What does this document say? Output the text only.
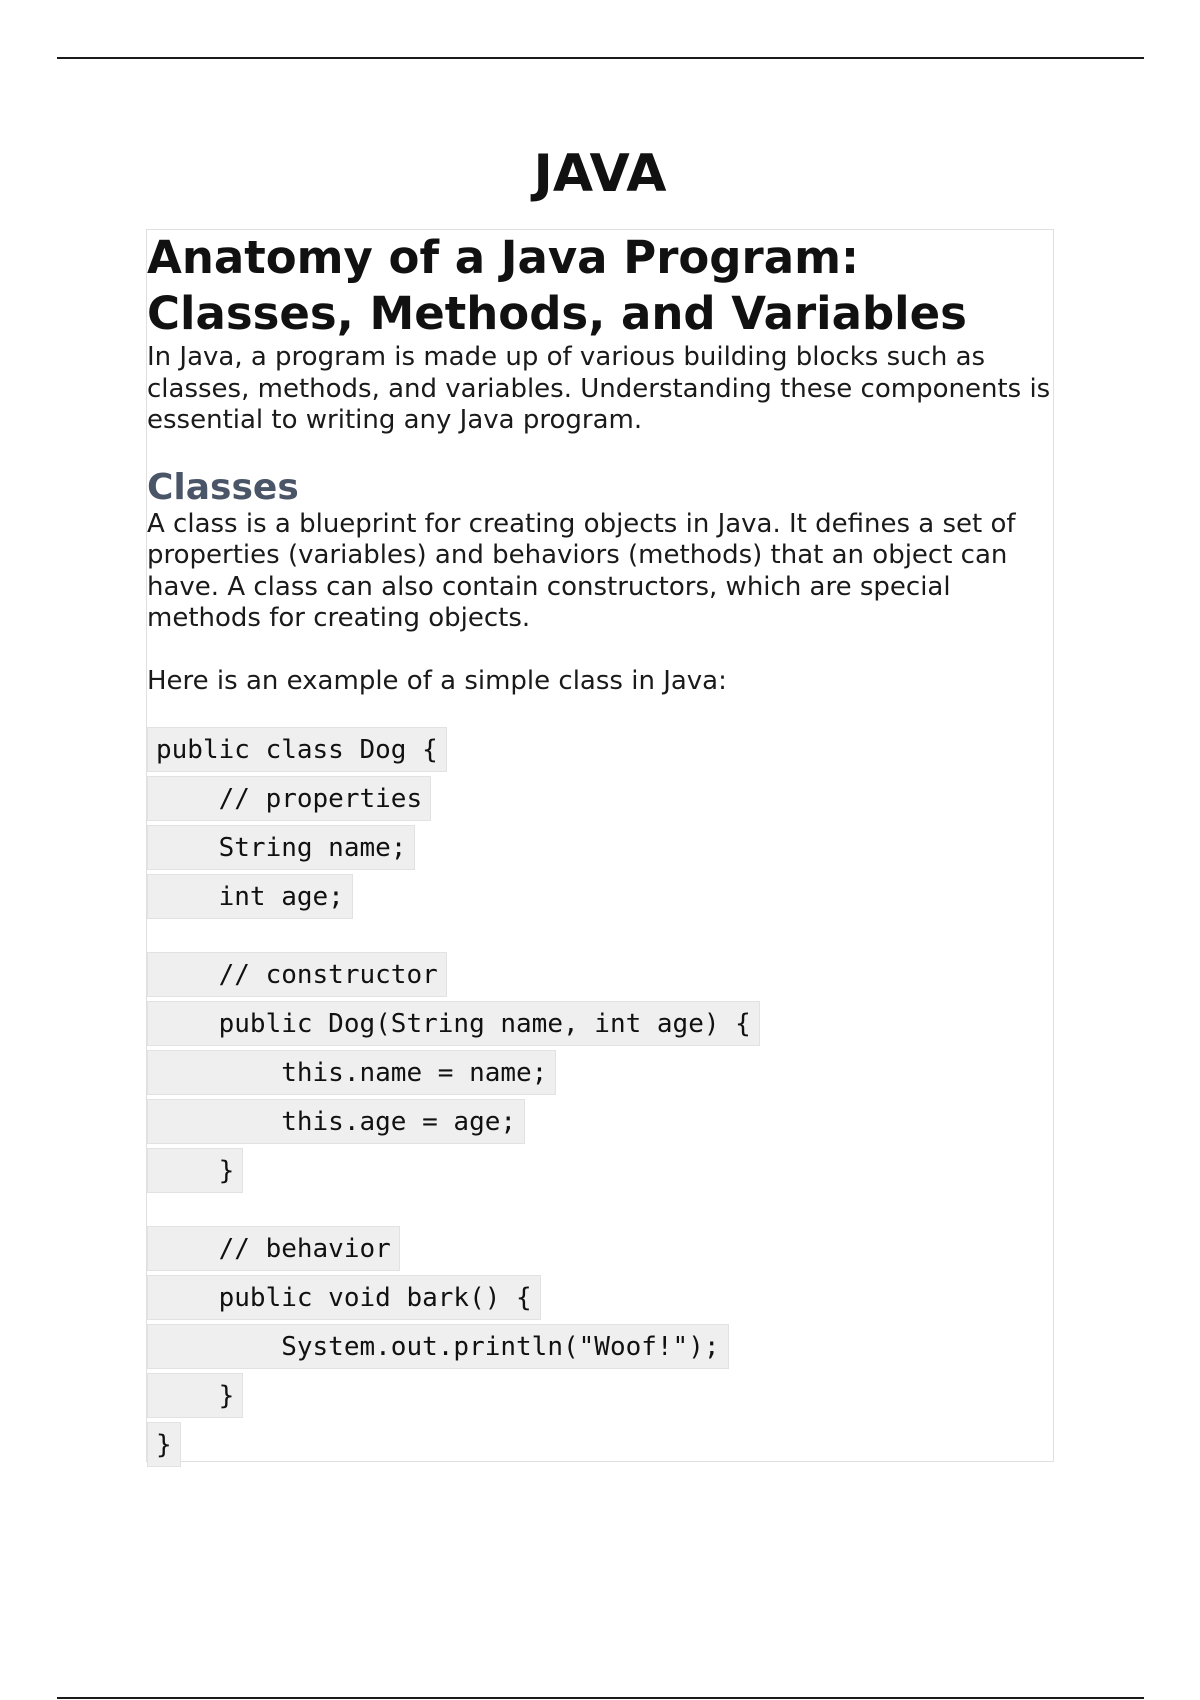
JAVA
Anatomy of a Java Program:
Classes, Methods, and Variables

In Java, a program is made up of various building blocks such as classes, methods, and variables. Understanding these components is essential to writing any Java program.

Classes

A class is a blueprint for creating objects in Java. It defines a set of properties (variables) and behaviors (methods) that an object can have. A class can also contain constructors, which are special methods for creating objects.

Here is an example of a simple class in Java:

public class Dog {
// properties
String name;
int age;
// constructor
public Dog(String name, int age) {
this.name = name;
this.age = age;
}
// behavior
public void bark() {
System.out.println("Woof!");
}
}
